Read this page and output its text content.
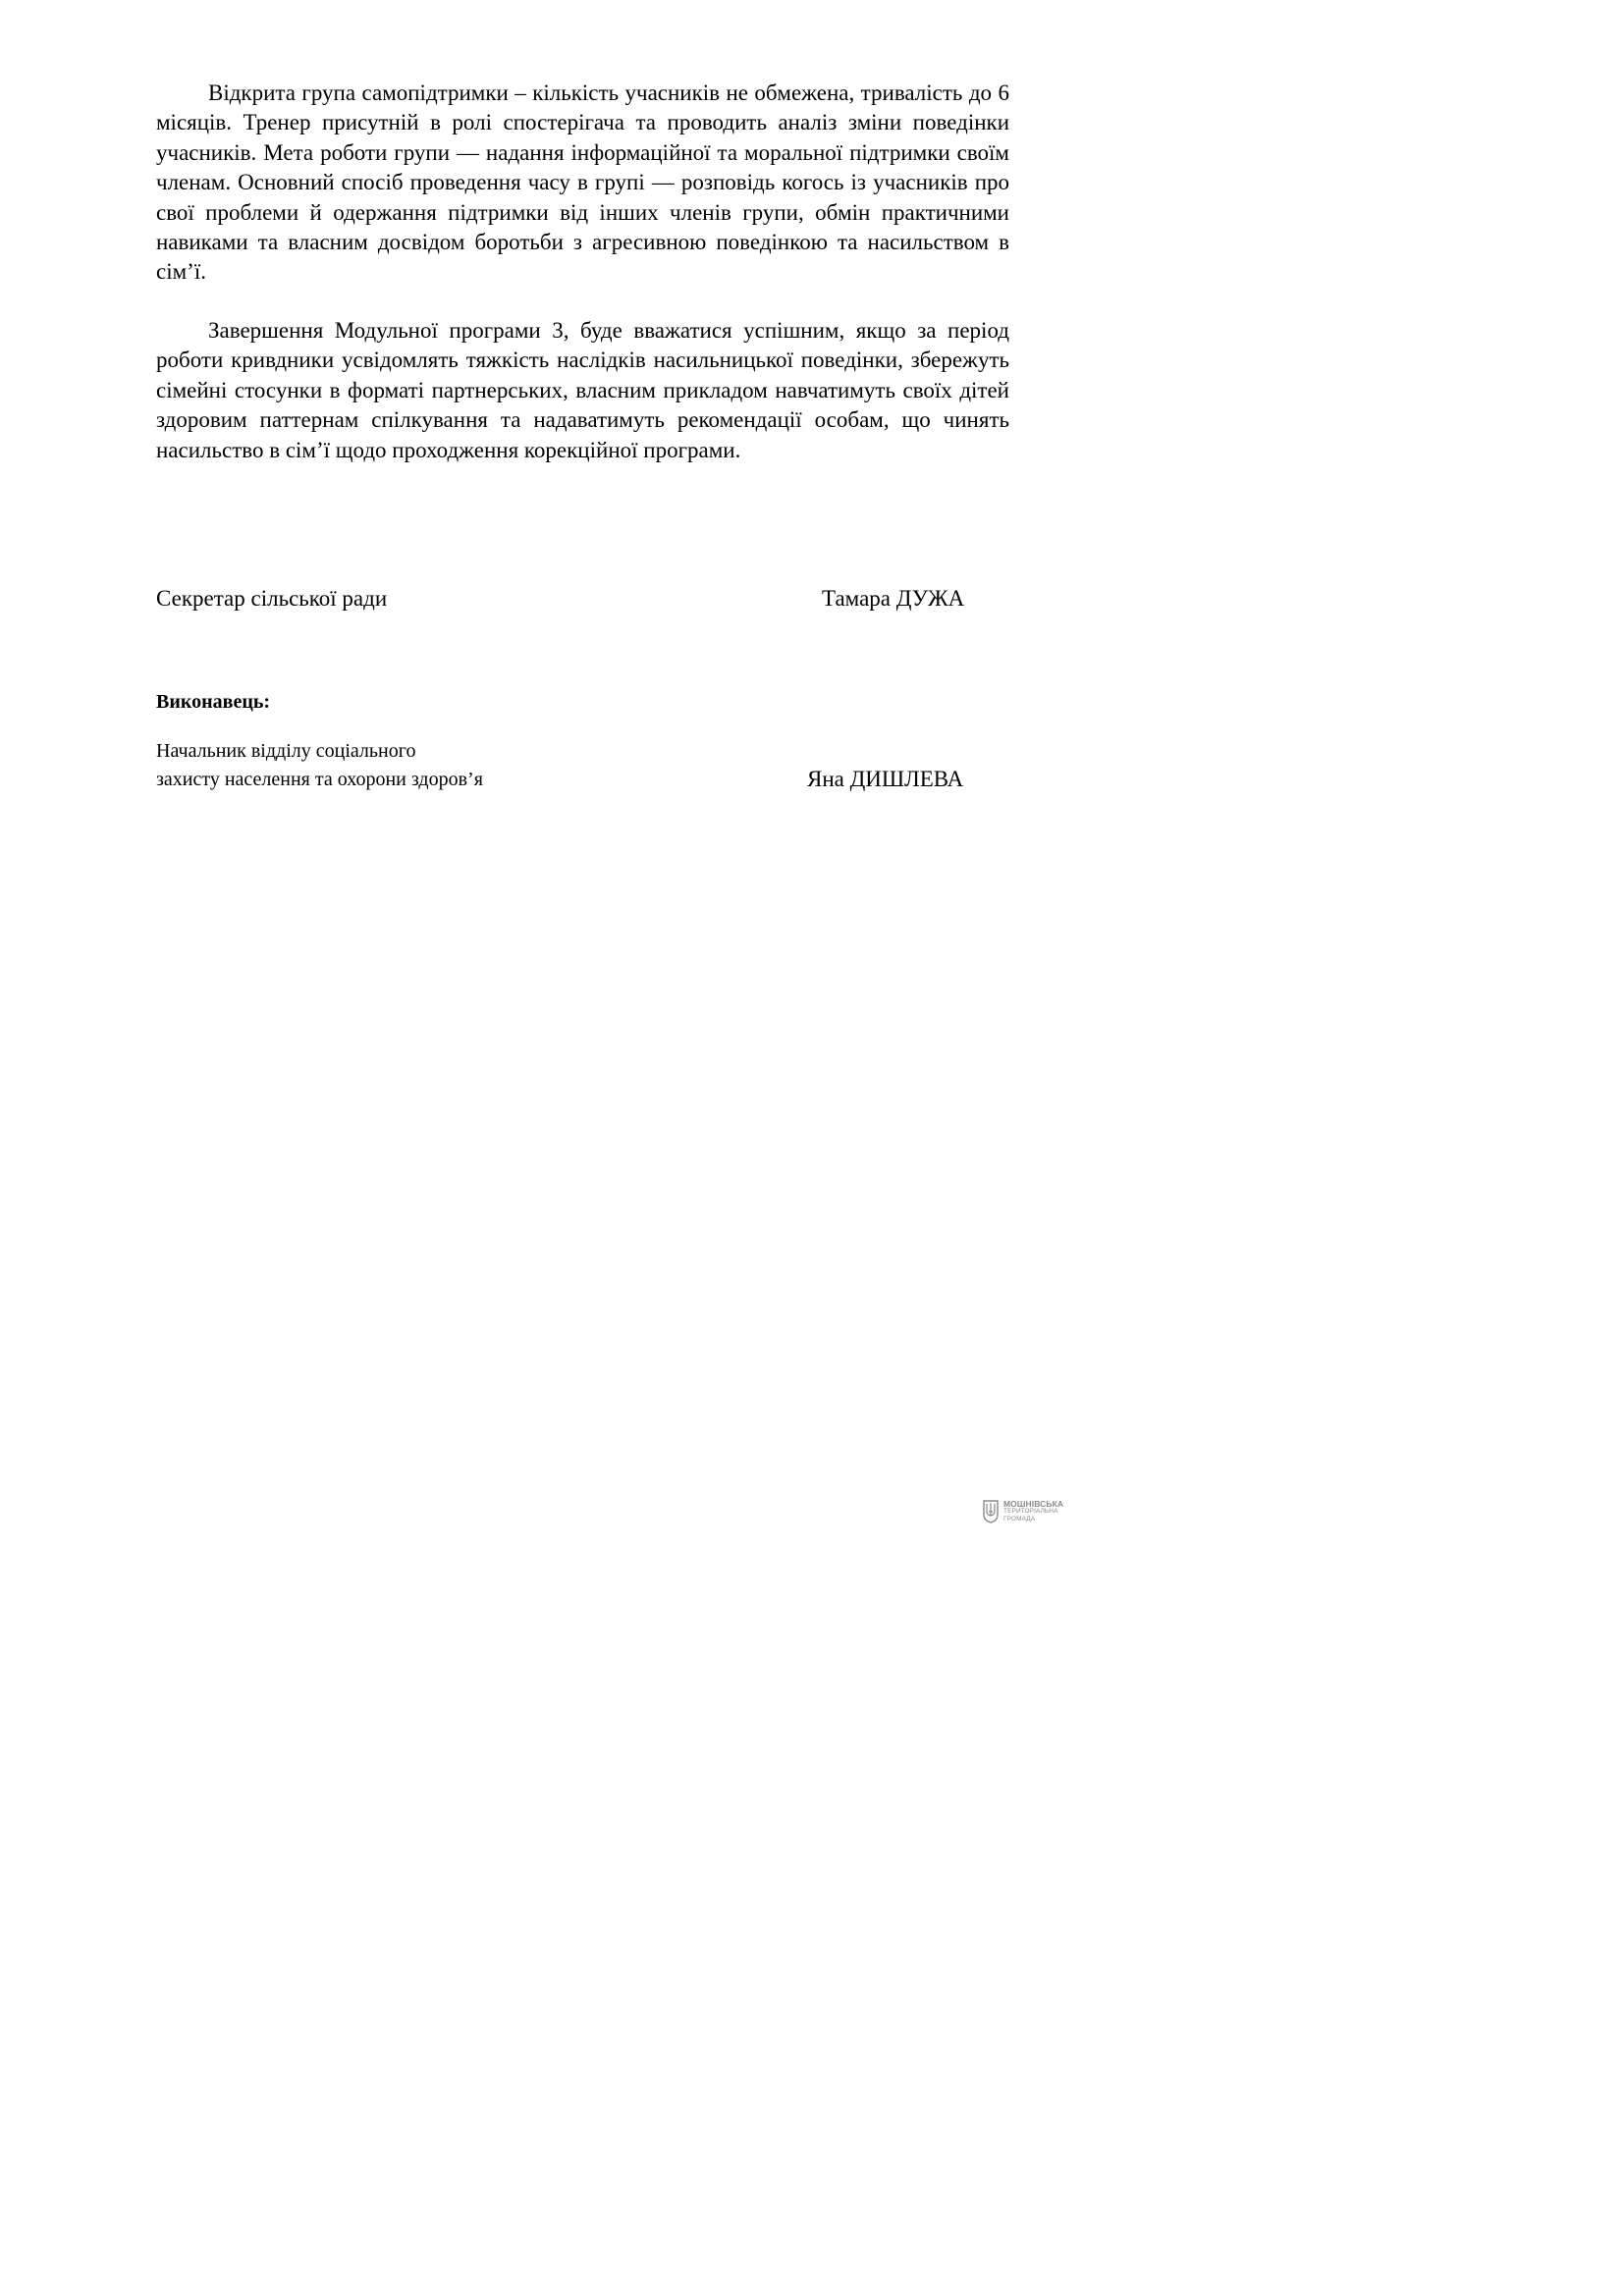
Відкрита група самопідтримки – кількість учасників не обмежена, тривалість до 6 місяців. Тренер присутній в ролі спостерігача та проводить аналіз зміни поведінки учасників. Мета роботи групи — надання інформаційної та моральної підтримки своїм членам. Основний спосіб проведення часу в групі — розповідь когось із учасників про свої проблеми й одержання підтримки від інших членів групи, обмін практичними навиками та власним досвідом боротьби з агресивною поведінкою та насильством в сім’ї.

Завершення Модульної програми 3, буде вважатися успішним, якщо за період роботи кривдники усвідомлять тяжкість наслідків насильницької поведінки, збережуть сімейні стосунки в форматі партнерських, власним прикладом навчатимуть своїх дітей здоровим паттернам спілкування та надаватимуть рекомендації особам, що чинять насильство в сім’ї щодо проходження корекційної програми.

Секретар сільської ради	Тамара ДУЖА
Виконавець:
Начальник відділу соціального
захисту населення та охорони здоров’я	Яна ДИШЛЕВА
МОШНІВСЬКА
ТЕРИТОРІАЛЬНА
ГРОМАДА
